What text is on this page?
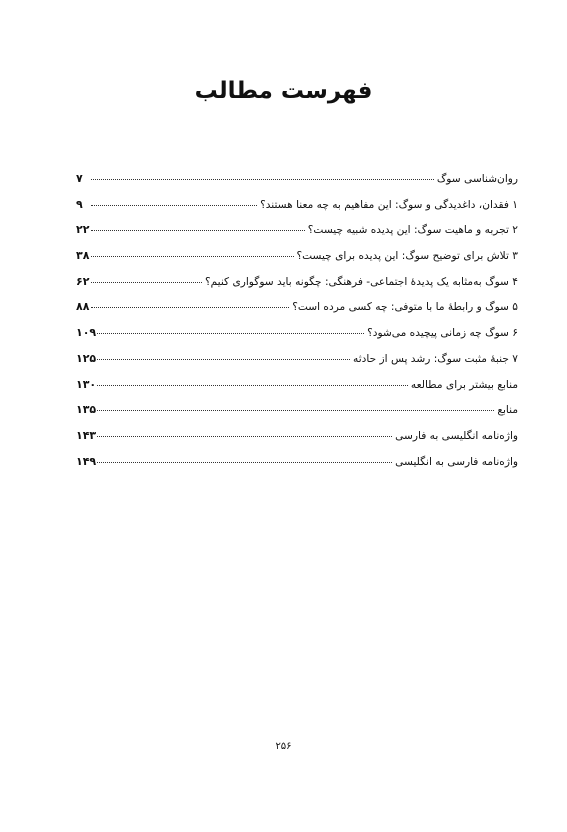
فهرست مطالب
روان‌شناسی سوگ
۷
۱ فقدان، داغدیدگی و سوگ: این مفاهیم به چه معنا هستند؟
۹
۲ تجربه و ماهیت سوگ: این پدیده شبیه چیست؟
۲۲
۳ تلاش برای توضیح سوگ: این پدیده برای چیست؟
۳۸
۴ سوگ به‌مثابه یک پدیدهٔ اجتماعی- فرهنگی: چگونه باید سوگواری کنیم؟
۶۲
۵ سوگ و رابطهٔ ما با متوفی: چه کسی مرده است؟
۸۸
۶ سوگ چه زمانی پیچیده می‌شود؟
۱۰۹
۷ جنبهٔ مثبت سوگ: رشد پس از حادثه
۱۲۵
منابع بیشتر برای مطالعه
۱۳۰
منابع
۱۳۵
واژه‌نامه انگلیسی به فارسی
۱۴۳
واژه‌نامه فارسی به انگلیسی
۱۴۹
۲۵۶
